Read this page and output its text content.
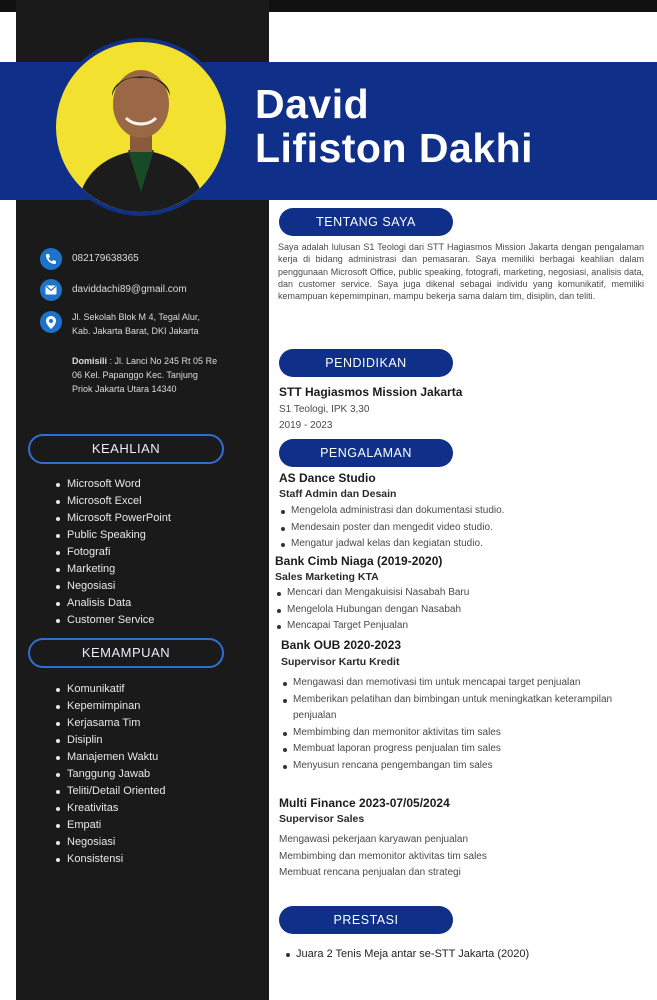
David
Lifiston Dakhi
082179638365
daviddachi89@gmail.com
Jl. Sekolah Blok M 4, Tegal Alur,
Kab. Jakarta Barat, DKI Jakarta
Domisili : Jl. Lanci No 245 Rt 05 Re
06 Kel. Papanggo Kec. Tanjung
Priok Jakarta Utara 14340
KEAHLIAN
Microsoft Word
Microsoft Excel
Microsoft PowerPoint
Public Speaking
Fotografi
Marketing
Negosiasi
Analisis Data
Customer Service
KEMAMPUAN
Komunikatif
Kepemimpinan
Kerjasama Tim
Disiplin
Manajemen Waktu
Tanggung Jawab
Teliti/Detail Oriented
Kreativitas
Empati
Negosiasi
Konsistensi
TENTANG SAYA
Saya adalah lulusan S1 Teologi dari STT Hagiasmos Mission Jakarta dengan pengalaman kerja di bidang administrasi dan pemasaran. Saya memiliki berbagai keahlian dalam penggunaan Microsoft Office, public speaking, fotografi, marketing, negosiasi, analisis data, dan customer service. Saya juga dikenal sebagai individu yang komunikatif, memiliki kemampuan kepemimpinan, mampu bekerja sama dalam tim, disiplin, dan teliti.
PENDIDIKAN
STT Hagiasmos Mission Jakarta
S1 Teologi, IPK 3,30
2019 - 2023
PENGALAMAN
AS Dance Studio
Staff Admin dan Desain
Mengelola administrasi dan dokumentasi studio.
Mendesain poster dan mengedit video studio.
Mengatur jadwal kelas dan kegiatan studio.
Bank Cimb Niaga (2019-2020)
Sales Marketing KTA
Mencari dan Mengakuisisi Nasabah Baru
Mengelola Hubungan dengan Nasabah
Mencapai Target Penjualan
Bank OUB 2020-2023
Supervisor Kartu Kredit
Mengawasi dan memotivasi tim untuk mencapai target penjualan
Memberikan pelatihan dan bimbingan untuk meningkatkan keterampilan penjualan
Membimbing dan memonitor aktivitas tim sales
Membuat laporan progress penjualan tim sales
Menyusun rencana pengembangan tim sales
Multi Finance 2023-07/05/2024
Supervisor Sales
Mengawasi pekerjaan karyawan penjualan
Membimbing dan memonitor aktivitas tim sales
Membuat rencana penjualan dan strategi
PRESTASI
Juara 2 Tenis Meja antar se-STT Jakarta (2020)
